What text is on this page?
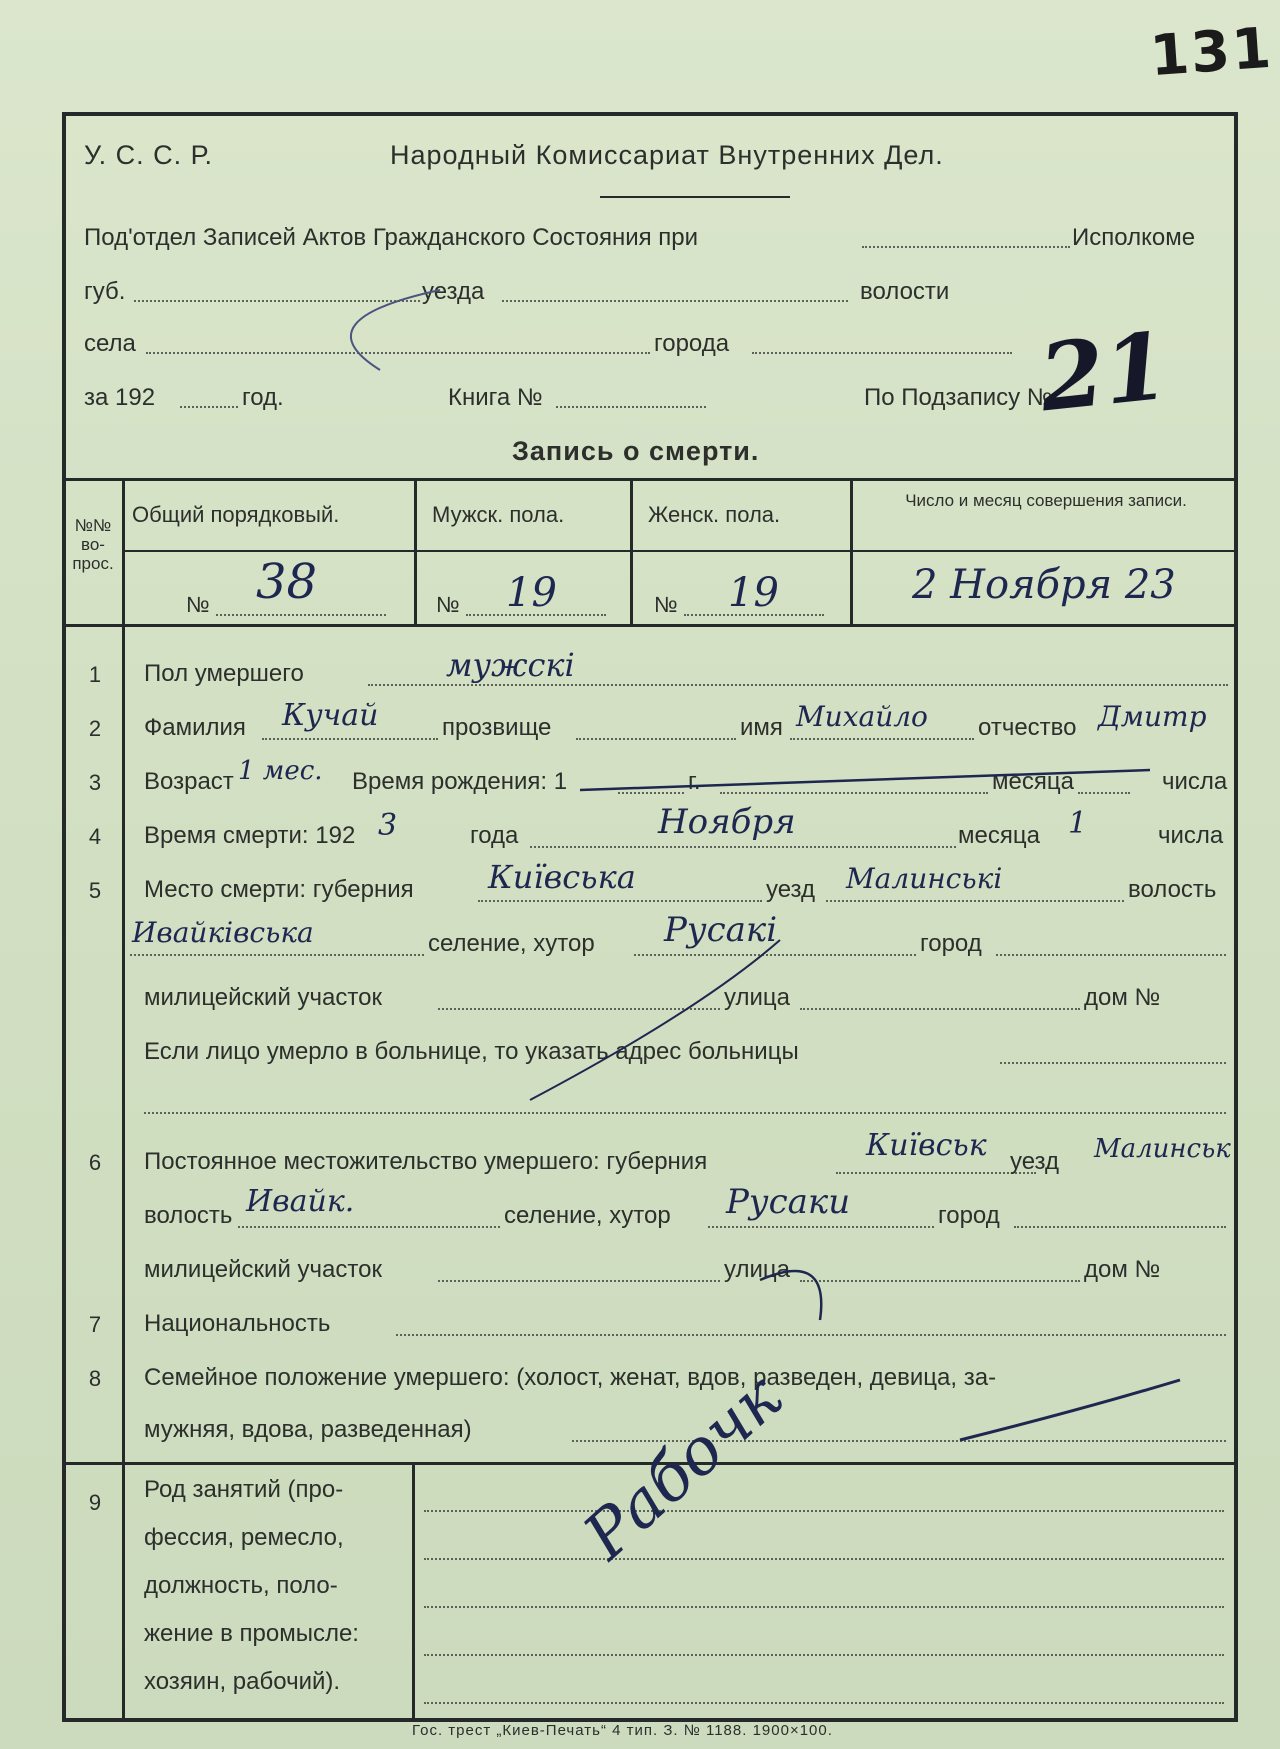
131
У. С. С. Р.	Народный Комиссариат Внутренних Дел.
Под'отдел Записей Актов Гражданского Состояния при	Исполкоме
губ.	уезда	волости
села	города
за 192	год.	Книга №	По Подзапису №
21
Запись о смерти.
№№ во-прос.
Общий порядковый.	Мужск. пола.	Женск. пола.
Число и месяц совершения записи.
№ 38	№ 19	№ 19	2 Ноября 23
1	Пол умершего	мужскi
2	Фамилия Кучай	прозвище	имя Михайло отчество Дмитр
3	Возраст 1 мес. Время рождения: 1	г.	месяца	числа
4	Время смерти: 192 3	года	Ноября	месяца 1	числа
5	Место смерти: губерния Київська	уезд Малинськi	волость
Ивайкiвська	селение, хутор Русакi	город
милицейский участок	улица	дом №
Если лицо умерло в больнице, то указать адрес больницы
6	Постоянное местожительство умершего: губерния	Київськ уезд Малинськ
волость Ивайк.	селение, хутор Русаки	город
милицейский участок	улица	дом №
7	Национальность
8	Семейное положение умершего: (холост, женат, вдов, разведен, девица, за-
мужняя, вдова, разведенная)
9	Род занятий (про-
фессия, ремесло,
должность, поло-
жение в промысле:
хозяин, рабочий).
Рабочк
Гос. трест „Киев-Печать“ 4 тип. З. № 1188. 1900×100.
